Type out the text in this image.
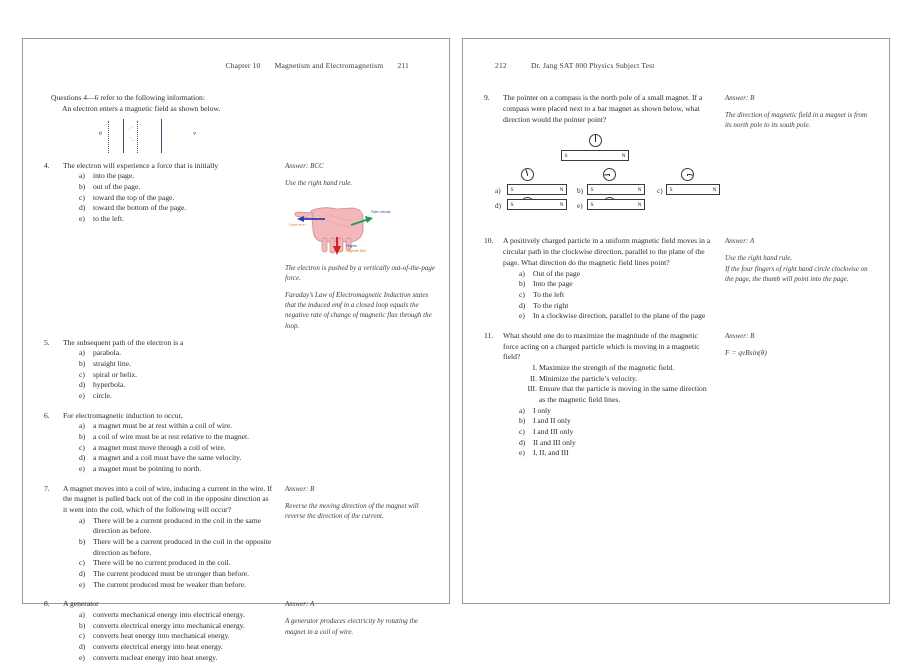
Chapter 10 Magnetism and Electromagnetism 211
Questions 4—6 refer to the following information:
An electron enters a magnetic field as shown below.
e	⋰
⋱
v
4.	The electron will experience a force that is initially
a) into the page.
b) out of the page.
c) toward the top of the page.
d) toward the bottom of the page.
e) to the left.
Answer: BCC

Use the right hand rule.

Force on e−
Palm: velocity
Fingers:
magnetic field

The electron is pushed by a vertically out-of-the-page force.

Faraday’s Law of Electromagnetic Induction states that the induced emf in a closed loop equals the negative rate of change of magnetic flux through the loop.

5.	The subsequent path of the electron is a
a) parabola.
b) straight line.
c) spiral or helix.
d) hyperbola.
e) circle.
6.	For electromagnetic induction to occur,
a) a magnet must be at rest within a coil of wire.
b) a coil of wire must be at rest relative to the magnet.
c) a magnet must move through a coil of wire.
d) a magnet and a coil must have the same velocity.
e) a magnet must be pointing to north.
7.	A magnet moves into a coil of wire, inducing a current in the wire. If the magnet is pulled back out of the coil in the opposite direction as it went into the coil, which of the following will occur?
a) There will be a current produced in the coil in the same direction as before.
b) There will be a current produced in the coil in the opposite direction as before.
c) There will be no current produced in the coil.
d) The current produced must be stronger than before.
e) The current produced must be weaker than before.
Answer: B

Reverse the moving direction of the magnet will reverse the direction of the current.

8.	A generator
a) converts mechanical energy into electrical energy.
b) converts electrical energy into mechanical energy.
c) converts heat energy into mechanical energy.
d) converts electrical energy into heat energy.
e) converts nuclear energy into heat energy.
Answer: A

A generator produces electricity by rotating the magnet in a coil of wire.

212	Dr. Jang SAT 800 Physics Subject Test
9.	The pointer on a compass is the north pole of a small magnet. If a compass were placed next to a bar magnet as shown below, what direction would the pointer point?
S	N
a) S	N b) S	N c) S	N
d) S	N e) S	N
Answer: B

The direction of magnetic field in a magnet is from its north pole to its south pole.

10.	A positively charged particle in a uniform magnetic field moves in a circular path in the clockwise direction, parallel to the plane of the page. What direction do the magnetic field lines point?
a) Out of the page
b) Into the page
c) To the left
d) To the right
e) In a clockwise direction, parallel to the plane of the page
Answer: A

Use the right hand rule.

If the four fingers of right hand circle clockwise on the page, the thumb will point into the page.

11.	What should one do to maximize the magnitude of the magnetic force acting on a charged particle which is moving in a magnetic field?
I. Maximize the strength of the magnetic field.
II. Minimize the particle’s velocity.
III. Ensure that the particle is moving in the same direction as the magnetic field lines.
a) I only
b) I and II only
c) I and III only
d) II and III only
e) I, II, and III
Answer: B

F = qvBsin(θ)
